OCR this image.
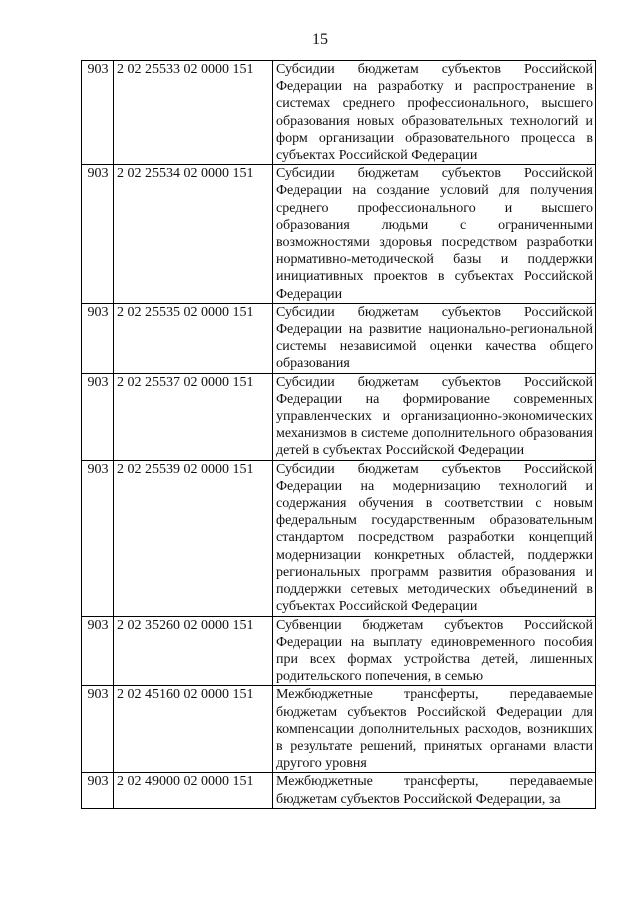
15
903	2 02 25533 02 0000 151	Субсидии бюджетам субъектов Российской Федерации на разработку и распространение в системах среднего профессионального, высшего образования новых образовательных технологий и форм организации образовательного процесса в субъектах Российской Федерации
903	2 02 25534 02 0000 151	Субсидии бюджетам субъектов Российской Федерации на создание условий для получения среднего профессионального и высшего образования людьми с ограниченными возможностями здоровья посредством разработки нормативно-методической базы и поддержки инициативных проектов в субъектах Российской Федерации
903	2 02 25535 02 0000 151	Субсидии бюджетам субъектов Российской Федерации на развитие национально-региональной системы независимой оценки качества общего образования
903	2 02 25537 02 0000 151	Субсидии бюджетам субъектов Российской Федерации на формирование современных управленческих и организационно-экономических механизмов в системе дополнительного образования детей в субъектах Российской Федерации
903	2 02 25539 02 0000 151	Субсидии бюджетам субъектов Российской Федерации на модернизацию технологий и содержания обучения в соответствии с новым федеральным государственным образовательным стандартом посредством разработки концепций модернизации конкретных областей, поддержки региональных программ развития образования и поддержки сетевых методических объединений в субъектах Российской Федерации
903	2 02 35260 02 0000 151	Субвенции бюджетам субъектов Российской Федерации на выплату единовременного пособия при всех формах устройства детей, лишенных родительского попечения, в семью
903	2 02 45160 02 0000 151	Межбюджетные трансферты, передаваемые бюджетам субъектов Российской Федерации для компенсации дополнительных расходов, возникших в результате решений, принятых органами власти другого уровня
903	2 02 49000 02 0000 151	Межбюджетные трансферты, передаваемые бюджетам субъектов Российской Федерации, за
